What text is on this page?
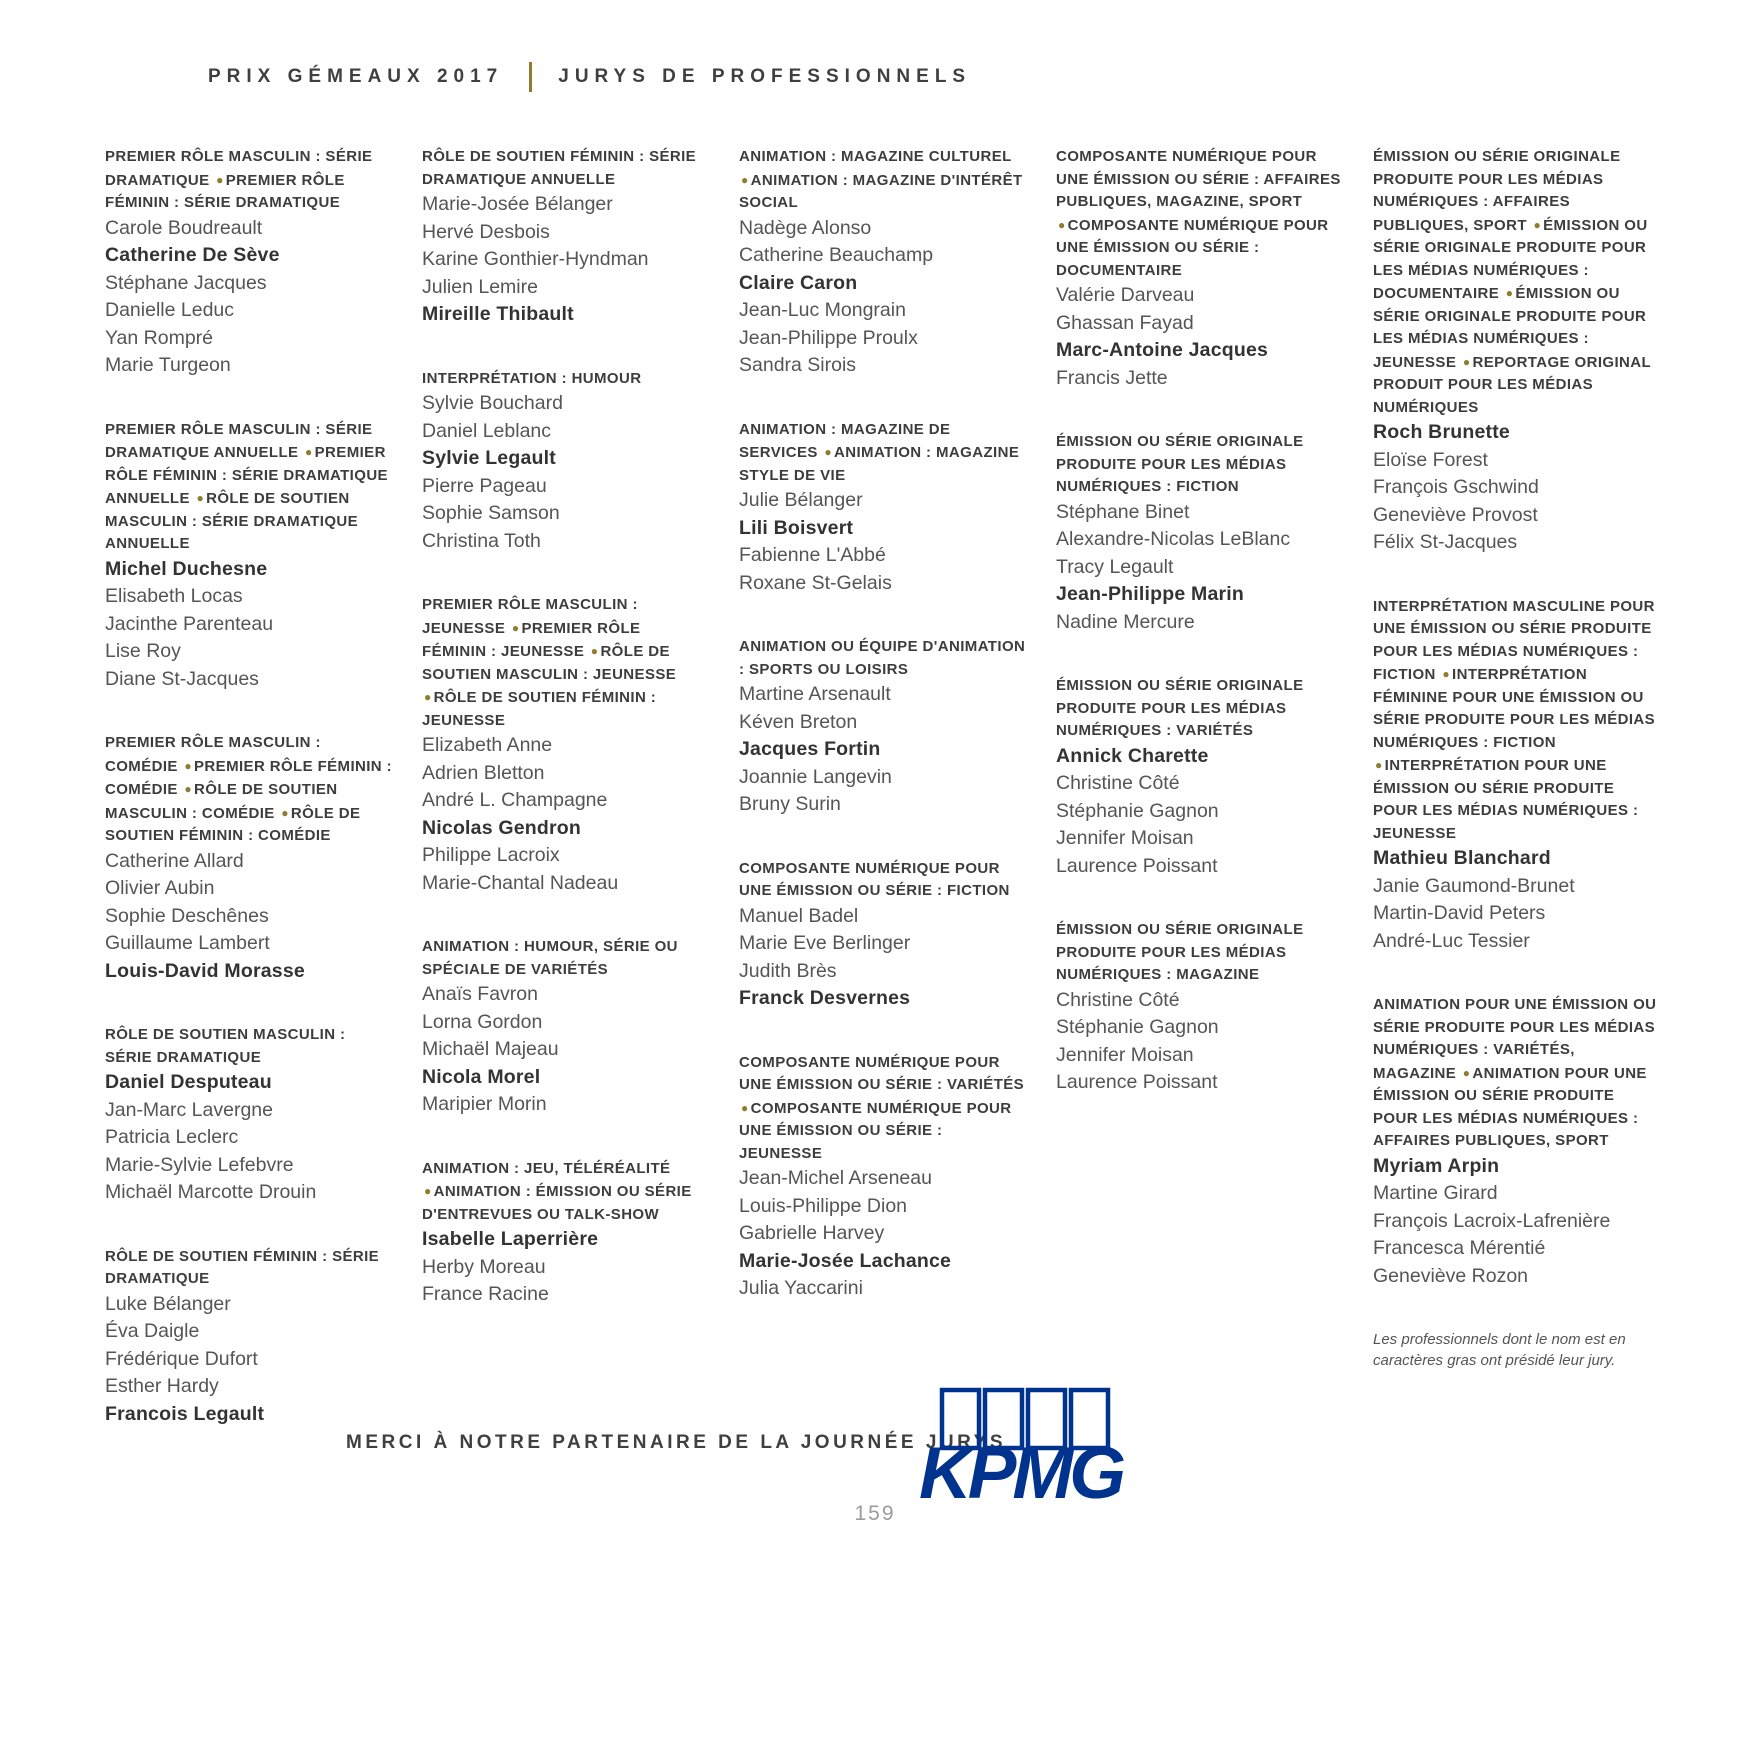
PRIX GÉMEAUX 2017	JURYS DE PROFESSIONNELS
PREMIER RÔLE MASCULIN : SÉRIE DRAMATIQUE ● PREMIER RÔLE FÉMININ : SÉRIE DRAMATIQUE
Carole Boudreault
Catherine De Sève
Stéphane Jacques
Danielle Leduc
Yan Rompré
Marie Turgeon
PREMIER RÔLE MASCULIN : SÉRIE DRAMATIQUE ANNUELLE ● PREMIER RÔLE FÉMININ : SÉRIE DRAMATIQUE ANNUELLE ● RÔLE DE SOUTIEN MASCULIN : SÉRIE DRAMATIQUE ANNUELLE
Michel Duchesne
Elisabeth Locas
Jacinthe Parenteau
Lise Roy
Diane St-Jacques
PREMIER RÔLE MASCULIN : COMÉDIE ● PREMIER RÔLE FÉMININ : COMÉDIE ● RÔLE DE SOUTIEN MASCULIN : COMÉDIE ● RÔLE DE SOUTIEN FÉMININ : COMÉDIE
Catherine Allard
Olivier Aubin
Sophie Deschênes
Guillaume Lambert
Louis-David Morasse
RÔLE DE SOUTIEN MASCULIN : SÉRIE DRAMATIQUE
Daniel Desputeau
Jan-Marc Lavergne
Patricia Leclerc
Marie-Sylvie Lefebvre
Michaël Marcotte Drouin
RÔLE DE SOUTIEN FÉMININ : SÉRIE DRAMATIQUE
Luke Bélanger
Éva Daigle
Frédérique Dufort
Esther Hardy
Francois Legault
RÔLE DE SOUTIEN FÉMININ : SÉRIE DRAMATIQUE ANNUELLE
Marie-Josée Bélanger
Hervé Desbois
Karine Gonthier-Hyndman
Julien Lemire
Mireille Thibault
INTERPRÉTATION : HUMOUR
Sylvie Bouchard
Daniel Leblanc
Sylvie Legault
Pierre Pageau
Sophie Samson
Christina Toth
PREMIER RÔLE MASCULIN : JEUNESSE ● PREMIER RÔLE FÉMININ : JEUNESSE ● RÔLE DE SOUTIEN MASCULIN : JEUNESSE ● RÔLE DE SOUTIEN FÉMININ : JEUNESSE
Elizabeth Anne
Adrien Bletton
André L. Champagne
Nicolas Gendron
Philippe Lacroix
Marie-Chantal Nadeau
ANIMATION : HUMOUR, SÉRIE OU SPÉCIALE DE VARIÉTÉS
Anaïs Favron
Lorna Gordon
Michaël Majeau
Nicola Morel
Maripier Morin
ANIMATION : JEU, TÉLÉRÉALITÉ ● ANIMATION : ÉMISSION OU SÉRIE D'ENTREVUES OU TALK-SHOW
Isabelle Laperrière
Herby Moreau
France Racine
ANIMATION : MAGAZINE CULTUREL ● ANIMATION : MAGAZINE D'INTÉRÊT SOCIAL
Nadège Alonso
Catherine Beauchamp
Claire Caron
Jean-Luc Mongrain
Jean-Philippe Proulx
Sandra Sirois
ANIMATION : MAGAZINE DE SERVICES ● ANIMATION : MAGAZINE STYLE DE VIE
Julie Bélanger
Lili Boisvert
Fabienne L'Abbé
Roxane St-Gelais
ANIMATION OU ÉQUIPE D'ANIMATION : SPORTS OU LOISIRS
Martine Arsenault
Kéven Breton
Jacques Fortin
Joannie Langevin
Bruny Surin
COMPOSANTE NUMÉRIQUE POUR UNE ÉMISSION OU SÉRIE : FICTION
Manuel Badel
Marie Eve Berlinger
Judith Brès
Franck Desvernes
COMPOSANTE NUMÉRIQUE POUR UNE ÉMISSION OU SÉRIE : VARIÉTÉS ● COMPOSANTE NUMÉRIQUE POUR UNE ÉMISSION OU SÉRIE : JEUNESSE
Jean-Michel Arseneau
Louis-Philippe Dion
Gabrielle Harvey
Marie-Josée Lachance
Julia Yaccarini
COMPOSANTE NUMÉRIQUE POUR UNE ÉMISSION OU SÉRIE : AFFAIRES PUBLIQUES, MAGAZINE, SPORT ● COMPOSANTE NUMÉRIQUE POUR UNE ÉMISSION OU SÉRIE : DOCUMENTAIRE
Valérie Darveau
Ghassan Fayad
Marc-Antoine Jacques
Francis Jette
ÉMISSION OU SÉRIE ORIGINALE PRODUITE POUR LES MÉDIAS NUMÉRIQUES : FICTION
Stéphane Binet
Alexandre-Nicolas LeBlanc
Tracy Legault
Jean-Philippe Marin
Nadine Mercure
ÉMISSION OU SÉRIE ORIGINALE PRODUITE POUR LES MÉDIAS NUMÉRIQUES : VARIÉTÉS
Annick Charette
Christine Côté
Stéphanie Gagnon
Jennifer Moisan
Laurence Poissant
ÉMISSION OU SÉRIE ORIGINALE PRODUITE POUR LES MÉDIAS NUMÉRIQUES : MAGAZINE
Christine Côté
Stéphanie Gagnon
Jennifer Moisan
Laurence Poissant
ÉMISSION OU SÉRIE ORIGINALE PRODUITE POUR LES MÉDIAS NUMÉRIQUES : AFFAIRES PUBLIQUES, SPORT ● ÉMISSION OU SÉRIE ORIGINALE PRODUITE POUR LES MÉDIAS NUMÉRIQUES : DOCUMENTAIRE ● ÉMISSION OU SÉRIE ORIGINALE PRODUITE POUR LES MÉDIAS NUMÉRIQUES : JEUNESSE ● REPORTAGE ORIGINAL PRODUIT POUR LES MÉDIAS NUMÉRIQUES
Roch Brunette
Eloïse Forest
François Gschwind
Geneviève Provost
Félix St-Jacques
INTERPRÉTATION MASCULINE POUR UNE ÉMISSION OU SÉRIE PRODUITE POUR LES MÉDIAS NUMÉRIQUES : FICTION ● INTERPRÉTATION FÉMININE POUR UNE ÉMISSION OU SÉRIE PRODUITE POUR LES MÉDIAS NUMÉRIQUES : FICTION ● INTERPRÉTATION POUR UNE ÉMISSION OU SÉRIE PRODUITE POUR LES MÉDIAS NUMÉRIQUES : JEUNESSE
Mathieu Blanchard
Janie Gaumond-Brunet
Martin-David Peters
André-Luc Tessier
ANIMATION POUR UNE ÉMISSION OU SÉRIE PRODUITE POUR LES MÉDIAS NUMÉRIQUES : VARIÉTÉS, MAGAZINE ● ANIMATION POUR UNE ÉMISSION OU SÉRIE PRODUITE POUR LES MÉDIAS NUMÉRIQUES : AFFAIRES PUBLIQUES, SPORT
Myriam Arpin
Martine Girard
François Lacroix-Lafrenière
Francesca Mérentié
Geneviève Rozon
Les professionnels dont le nom est en caractères gras ont présidé leur jury.
MERCI À NOTRE PARTENAIRE DE LA JOURNÉE JURYS
KPMG
159
